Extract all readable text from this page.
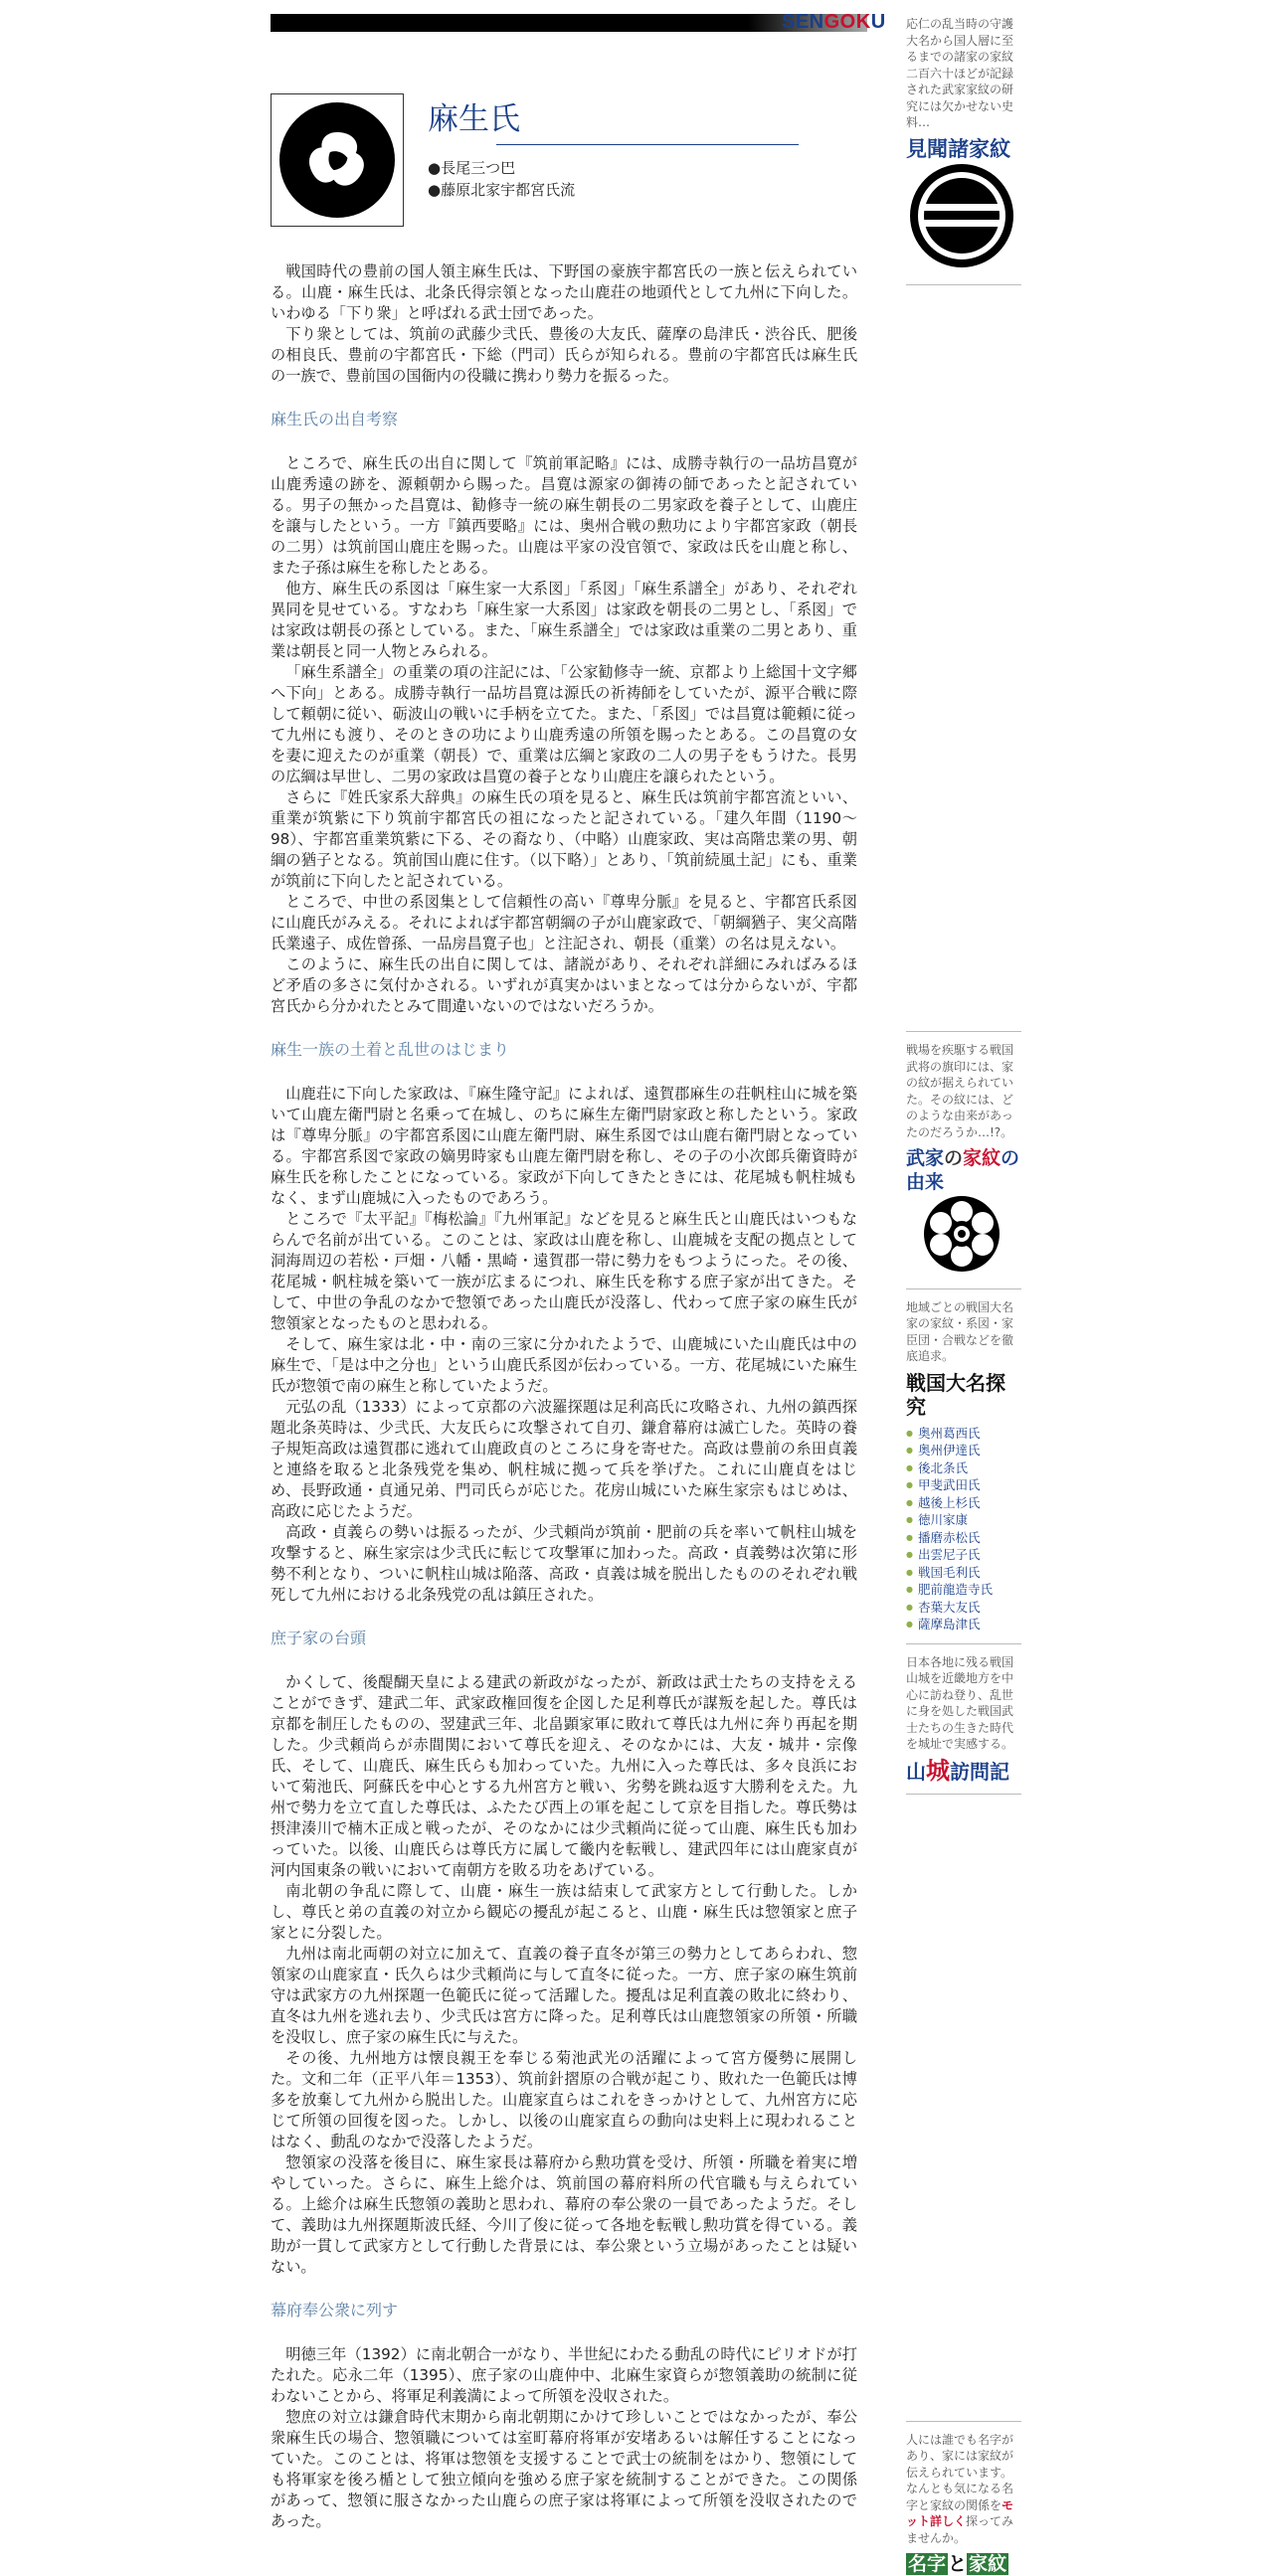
SENGOKU
麻生氏
●長尾三つ巴
●藤原北家宇都宮氏流

戦国時代の豊前の国人領主麻生氏は、下野国の豪族宇都宮氏の一族と伝えられている。山鹿・麻生氏は、北条氏得宗領となった山鹿荘の地頭代として九州に下向した。いわゆる「下り衆」と呼ばれる武士団であった。

下り衆としては、筑前の武藤少弐氏、豊後の大友氏、薩摩の島津氏・渋谷氏、肥後の相良氏、豊前の宇都宮氏・下総（門司）氏らが知られる。豊前の宇都宮氏は麻生氏の一族で、豊前国の国衙内の役職に携わり勢力を振るった。

麻生氏の出自考察

ところで、麻生氏の出自に関して『筑前軍記略』には、成勝寺執行の一品坊昌寛が山鹿秀遠の跡を、源頼朝から賜った。昌寛は源家の御祷の師であったと記されている。男子の無かった昌寛は、勧修寺一統の麻生朝長の二男家政を養子として、山鹿庄を譲与したという。一方『鎮西要略』には、奥州合戦の勲功により宇都宮家政（朝長の二男）は筑前国山鹿庄を賜った。山鹿は平家の没官領で、家政は氏を山鹿と称し、また子孫は麻生を称したとある。

他方、麻生氏の系図は「麻生家一大系図」「系図」「麻生系譜全」があり、それぞれ異同を見せている。すなわち「麻生家一大系図」は家政を朝長の二男とし、「系図」では家政は朝長の孫としている。また、「麻生系譜全」では家政は重業の二男とあり、重業は朝長と同一人物とみられる。

「麻生系譜全」の重業の項の注記には、「公家勧修寺一統、京都より上総国十文字郷へ下向」とある。成勝寺執行一品坊昌寛は源氏の祈祷師をしていたが、源平合戦に際して頼朝に従い、砺波山の戦いに手柄を立てた。また、「系図」では昌寛は範頼に従って九州にも渡り、そのときの功により山鹿秀遠の所領を賜ったとある。この昌寛の女を妻に迎えたのが重業（朝長）で、重業は広綱と家政の二人の男子をもうけた。長男の広綱は早世し、二男の家政は昌寛の養子となり山鹿庄を譲られたという。

さらに『姓氏家系大辞典』の麻生氏の項を見ると、麻生氏は筑前宇都宮流といい、重業が筑紫に下り筑前宇都宮氏の祖になったと記されている。「建久年間（1190～98）、宇都宮重業筑紫に下る、その裔なり、（中略）山鹿家政、実は高階忠業の男、朝綱の猶子となる。筑前国山鹿に住す。（以下略）」とあり、「筑前続風土記」にも、重業が筑前に下向したと記されている。

ところで、中世の系図集として信頼性の高い『尊卑分脈』を見ると、宇都宮氏系図に山鹿氏がみえる。それによれば宇都宮朝綱の子が山鹿家政で、「朝綱猶子、実父高階氏業遠子、成佐曾孫、一品房昌寛子也」と注記され、朝長（重業）の名は見えない。

このように、麻生氏の出自に関しては、諸説があり、それぞれ詳細にみればみるほど矛盾の多さに気付かされる。いずれが真実かはいまとなっては分からないが、宇都宮氏から分かれたとみて間違いないのではないだろうか。

麻生一族の土着と乱世のはじまり

山鹿荘に下向した家政は、『麻生隆守記』によれば、遠賀郡麻生の荘帆柱山に城を築いて山鹿左衛門尉と名乗って在城し、のちに麻生左衛門尉家政と称したという。家政は『尊卑分脈』の宇都宮系図に山鹿左衛門尉、麻生系図では山鹿右衛門尉となっている。宇都宮系図で家政の嫡男時家も山鹿左衛門尉を称し、その子の小次郎兵衛資時が麻生氏を称したことになっている。家政が下向してきたときには、花尾城も帆柱城もなく、まず山鹿城に入ったものであろう。

ところで『太平記』『梅松論』『九州軍記』などを見ると麻生氏と山鹿氏はいつもならんで名前が出ている。このことは、家政は山鹿を称し、山鹿城を支配の拠点として洞海周辺の若松・戸畑・八幡・黒崎・遠賀郡一帯に勢力をもつようにった。その後、花尾城・帆柱城を築いて一族が広まるにつれ、麻生氏を称する庶子家が出てきた。そして、中世の争乱のなかで惣領であった山鹿氏が没落し、代わって庶子家の麻生氏が惣領家となったものと思われる。

そして、麻生家は北・中・南の三家に分かれたようで、山鹿城にいた山鹿氏は中の麻生で、「是は中之分也」という山鹿氏系図が伝わっている。一方、花尾城にいた麻生氏が惣領で南の麻生と称していたようだ。

元弘の乱（1333）によって京都の六波羅探題は足利高氏に攻略され、九州の鎮西探題北条英時は、少弐氏、大友氏らに攻撃されて自刃、鎌倉幕府は滅亡した。英時の養子規矩高政は遠賀郡に逃れて山鹿政貞のところに身を寄せた。高政は豊前の糸田貞義と連絡を取ると北条残党を集め、帆柱城に拠って兵を挙げた。これに山鹿貞をはじめ、長野政通・貞通兄弟、門司氏らが応じた。花房山城にいた麻生家宗もはじめは、高政に応じたようだ。

高政・貞義らの勢いは振るったが、少弐頼尚が筑前・肥前の兵を率いて帆柱山城を攻撃すると、麻生家宗は少弐氏に転じて攻撃軍に加わった。高政・貞義勢は次第に形勢不利となり、ついに帆柱山城は陥落、高政・貞義は城を脱出したもののそれぞれ戦死して九州における北条残党の乱は鎮圧された。

庶子家の台頭

かくして、後醍醐天皇による建武の新政がなったが、新政は武士たちの支持をえることができず、建武二年、武家政権回復を企図した足利尊氏が謀叛を起した。尊氏は京都を制圧したものの、翌建武三年、北畠顕家軍に敗れて尊氏は九州に奔り再起を期した。少弐頼尚らが赤間関において尊氏を迎え、そのなかには、大友・城井・宗像氏、そして、山鹿氏、麻生氏らも加わっていた。九州に入った尊氏は、多々良浜において菊池氏、阿蘇氏を中心とする九州宮方と戦い、劣勢を跳ね返す大勝利をえた。九州で勢力を立て直した尊氏は、ふたたび西上の軍を起こして京を目指した。尊氏勢は摂津湊川で楠木正成と戦ったが、そのなかには少弐頼尚に従って山鹿、麻生氏も加わっていた。以後、山鹿氏らは尊氏方に属して畿内を転戦し、建武四年には山鹿家貞が河内国東条の戦いにおいて南朝方を敗る功をあげている。

南北朝の争乱に際して、山鹿・麻生一族は結束して武家方として行動した。しかし、尊氏と弟の直義の対立から観応の擾乱が起こると、山鹿・麻生氏は惣領家と庶子家とに分裂した。

九州は南北両朝の対立に加えて、直義の養子直冬が第三の勢力としてあらわれ、惣領家の山鹿家直・氏久らは少弐頼尚に与して直冬に従った。一方、庶子家の麻生筑前守は武家方の九州探題一色範氏に従って活躍した。擾乱は足利直義の敗北に終わり、直冬は九州を逃れ去り、少弐氏は宮方に降った。足利尊氏は山鹿惣領家の所領・所職を没収し、庶子家の麻生氏に与えた。

その後、九州地方は懐良親王を奉じる菊池武光の活躍によって宮方優勢に展開した。文和二年（正平八年＝1353）、筑前針摺原の合戦が起こり、敗れた一色範氏は博多を放棄して九州から脱出した。山鹿家直らはこれをきっかけとして、九州宮方に応じて所領の回復を図った。しかし、以後の山鹿家直らの動向は史料上に現われることはなく、動乱のなかで没落したようだ。

惣領家の没落を後目に、麻生家長は幕府から勲功賞を受け、所領・所職を着実に増やしていった。さらに、麻生上総介は、筑前国の幕府料所の代官職も与えられている。上総介は麻生氏惣領の義助と思われ、幕府の奉公衆の一員であったようだ。そして、義助は九州探題斯波氏経、今川了俊に従って各地を転戦し勲功賞を得ている。義助が一貫して武家方として行動した背景には、奉公衆という立場があったことは疑いない。

幕府奉公衆に列す

明徳三年（1392）に南北朝合一がなり、半世紀にわたる動乱の時代にピリオドが打たれた。応永二年（1395）、庶子家の山鹿仲中、北麻生家資らが惣領義助の統制に従わないことから、将軍足利義満によって所領を没収された。

惣庶の対立は鎌倉時代末期から南北朝期にかけて珍しいことではなかったが、奉公衆麻生氏の場合、惣領職については室町幕府将軍が安堵あるいは解任することになっていた。このことは、将軍は惣領を支援することで武士の統制をはかり、惣領にしても将軍家を後ろ楯として独立傾向を強める庶子家を統制することができた。この関係があって、惣領に服さなかった山鹿らの庶子家は将軍によって所領を没収されたのであった。

応仁の乱当時の守護大名から国人層に至るまでの諸家の家紋 二百六十ほどが記録された武家家紋の研究には欠かせない史料…

見聞諸家紋

戦場を疾駆する戦国武将の旗印には、家の紋が据えられていた。その紋には、どのような由来があったのだろうか…!?。

武家の家紋の由来

地域ごとの戦国大名家の家紋・系図・家臣団・合戦などを徹底追求。

戦国大名探究
● 奥州葛西氏
● 奥州伊達氏
● 後北条氏
● 甲斐武田氏
● 越後上杉氏
● 徳川家康
● 播磨赤松氏
● 出雲尼子氏
● 戦国毛利氏
● 肥前龍造寺氏
● 杏葉大友氏
● 薩摩島津氏

日本各地に残る戦国山城を近畿地方を中心に訪ね登り、乱世に身を処した戦国武士たちの生きた時代を城址で実感する。

山城訪問記

人には誰でも名字があり、家には家紋が伝えられています。なんとも気になる名字と家紋の関係をモット詳しく探ってみませんか。

名字 と 家紋
